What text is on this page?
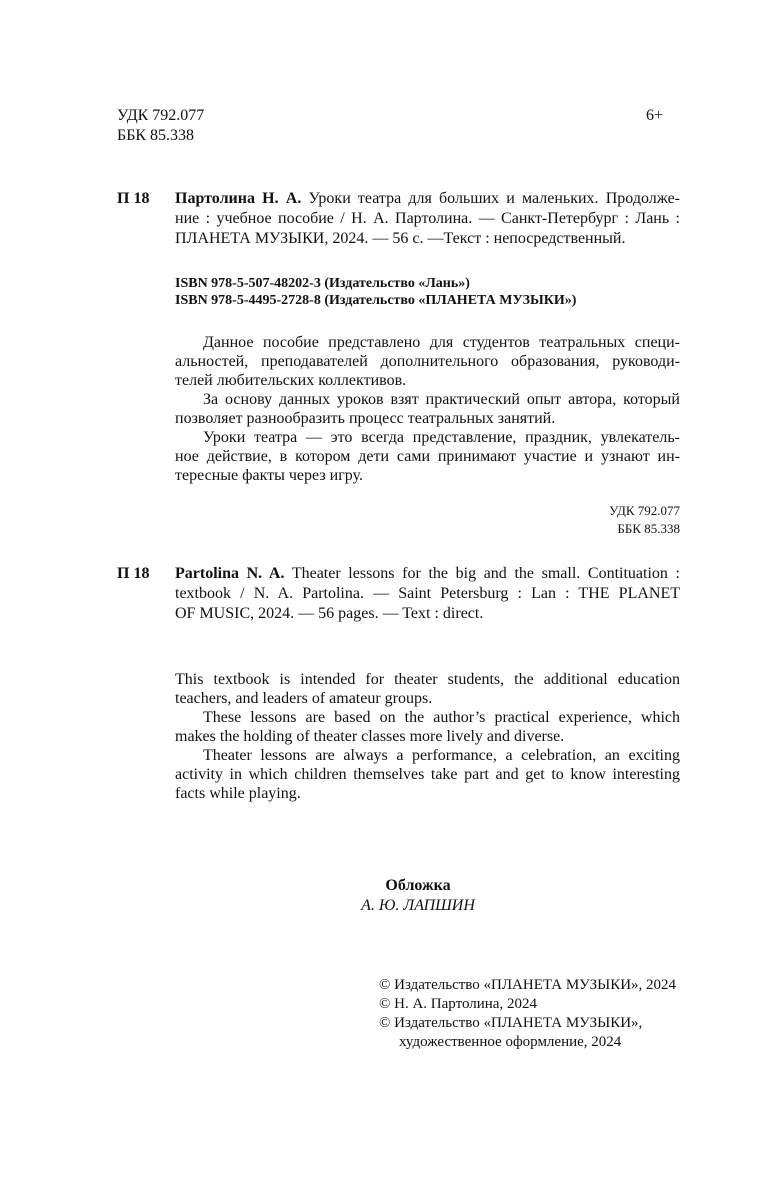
УДК 792.077
ББК 85.338
6+
П 18 Партолина Н. А. Уроки театра для больших и маленьких. Продолже-
ние : учебное пособие / Н. А. Партолина. — Санкт-Петербург : Лань :
ПЛАНЕТА МУЗЫКИ, 2024. — 56 с. —Текст : непосредственный.
ISBN 978-5-507-48202-3 (Издательство «Лань»)
ISBN 978-5-4495-2728-8 (Издательство «ПЛАНЕТА МУЗЫКИ»)
Данное пособие представлено для студентов театральных специ-
альностей, преподавателей дополнительного образования, руководи-
телей любительских коллективов.
За основу данных уроков взят практический опыт автора, который
позволяет разнообразить процесс театральных занятий.
Уроки театра — это всегда представление, праздник, увлекатель-
ное действие, в котором дети сами принимают участие и узнают ин-
тересные факты через игру.
УДК 792.077
ББК 85.338
П 18 Partolina N. A. Theater lessons for the big and the small. Contituation :
textbook / N. A. Partolina. — Saint Petersburg : Lan : THE PLANET
OF MUSIC, 2024. — 56 pages. — Text : direct.
This textbook is intended for theater students, the additional education
teachers, and leaders of amateur groups.
These lessons are based on the author’s practical experience, which
makes the holding of theater classes more lively and diverse.
Theater lessons are always a performance, a celebration, an exciting
activity in which children themselves take part and get to know interesting
facts while playing.
Обложка
А. Ю. ЛАПШИН
© Издательство «ПЛАНЕТА МУЗЫКИ», 2024
© Н. А. Партолина, 2024
© Издательство «ПЛАНЕТА МУЗЫКИ»,
художественное оформление, 2024
